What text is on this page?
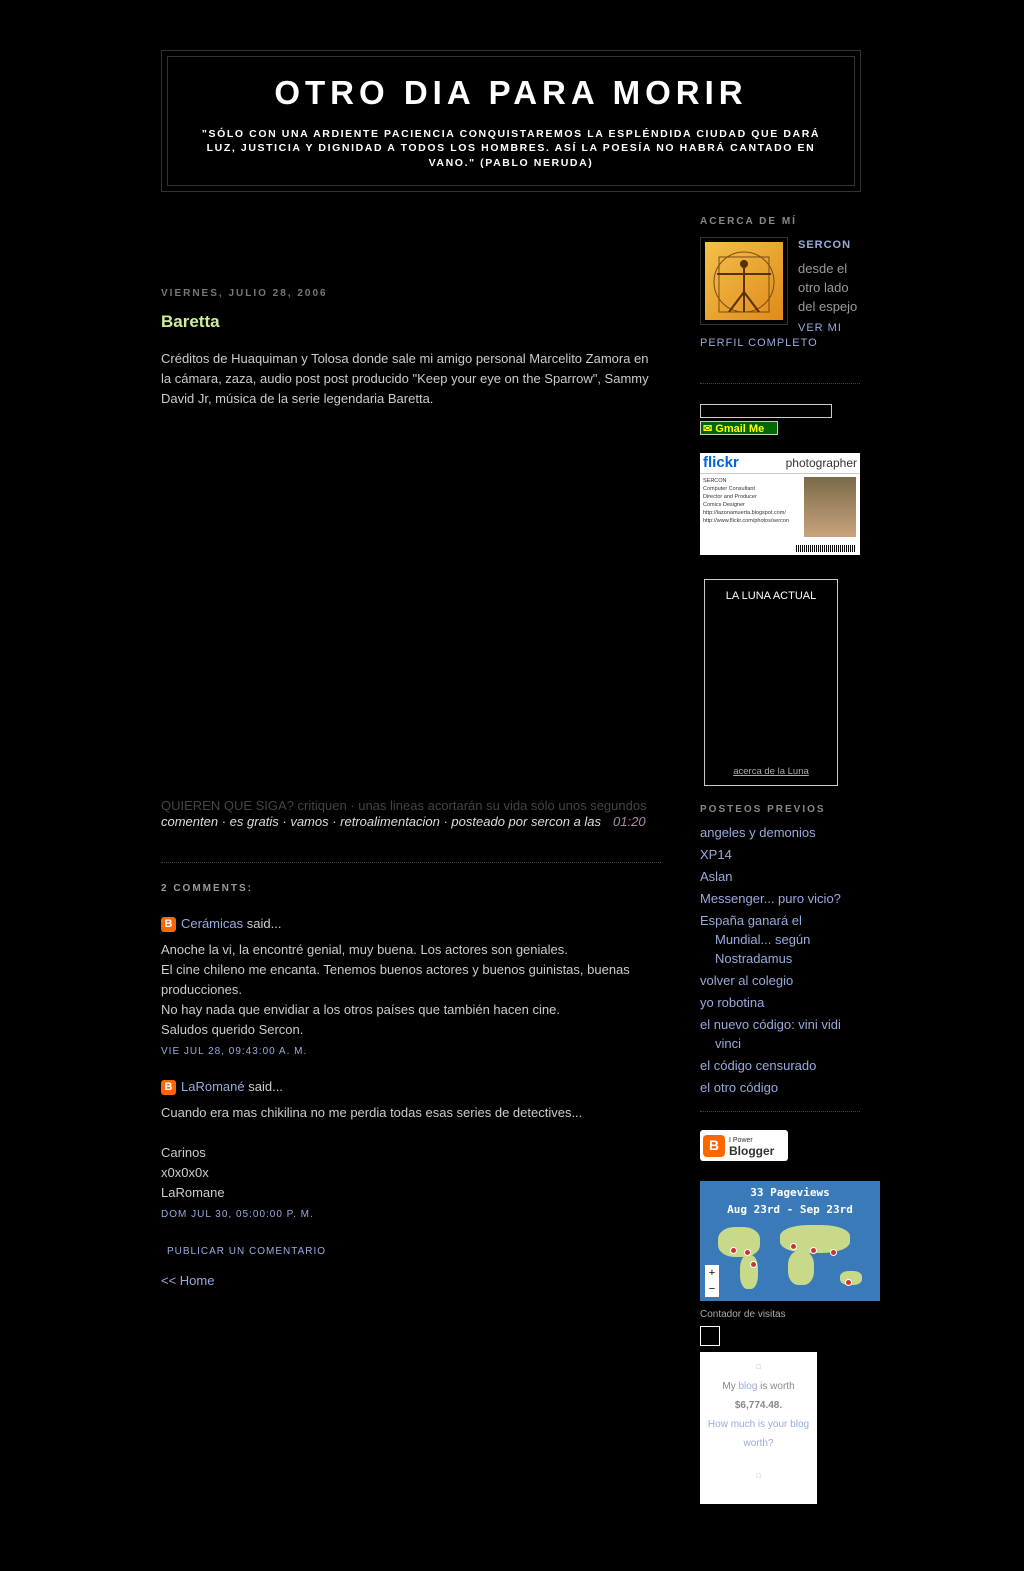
OTRO DIA PARA MORIR

"SÓLO CON UNA ARDIENTE PACIENCIA CONQUISTAREMOS LA ESPLÉNDIDA CIUDAD QUE DARÁ LUZ, JUSTICIA Y DIGNIDAD A TODOS LOS HOMBRES. ASÍ LA POESÍA NO HABRÁ CANTADO EN VANO." (PABLO NERUDA)

VIERNES, JULIO 28, 2006
Baretta
Créditos de Huaquiman y Tolosa donde sale mi amigo personal Marcelito Zamora en la cámara, zaza, audio post post producido "Keep your eye on the Sparrow", Sammy David Jr, música de la serie legendaria Baretta.
QUIEREN QUE SIGA? critiquen · unas lineas acortarán su vida sólo unos segundos
comenten · es gratis · vamos · retroalimentacion · posteado por sercon a las 01:20
2 COMMENTS:
B Cerámicas
said...
Anoche la vi, la encontré genial, muy buena. Los actores son geniales.
El cine chileno me encanta. Tenemos buenos actores y buenos guinistas, buenas producciones.
No hay nada que envidiar a los otros países que también hacen cine.
Saludos querido Sercon.
VIE JUL 28, 09:43:00 A. M.
B LaRomané
said...
Cuando era mas chikilina no me perdia todas esas series de detectives...
Carinos
x0x0x0x
LaRomane
DOM JUL 30, 05:00:00 P. M.
PUBLICAR UN COMENTARIO
<< Home
ACERCA DE MÍ
SERCON
desde el otro lado del espejo
VER MI PERFIL COMPLETO
✉ Gmail Me
flickr	photographer
SERCON
Computer Consultant
Director and Producer
Comics Designer
http://lazonamuerta.blogspot.com/
http://www.flickr.com/photos/sercon
LA LUNA ACTUAL
acerca de la Luna
POSTEOS PREVIOS
angeles y demonios
XP14
Aslan
Messenger... puro vicio?
España ganará el Mundial... según Nostradamus
volver al colegio
yo robotina
el nuevo código: vini vidi vinci
el código censurado
el otro código
B	I Power
Blogger
33 Pageviews
Aug 23rd - Sep 23rd
+
−
Contador de visitas
□
My blog is worth
$6,774.48.
How much is your blog worth?
□
